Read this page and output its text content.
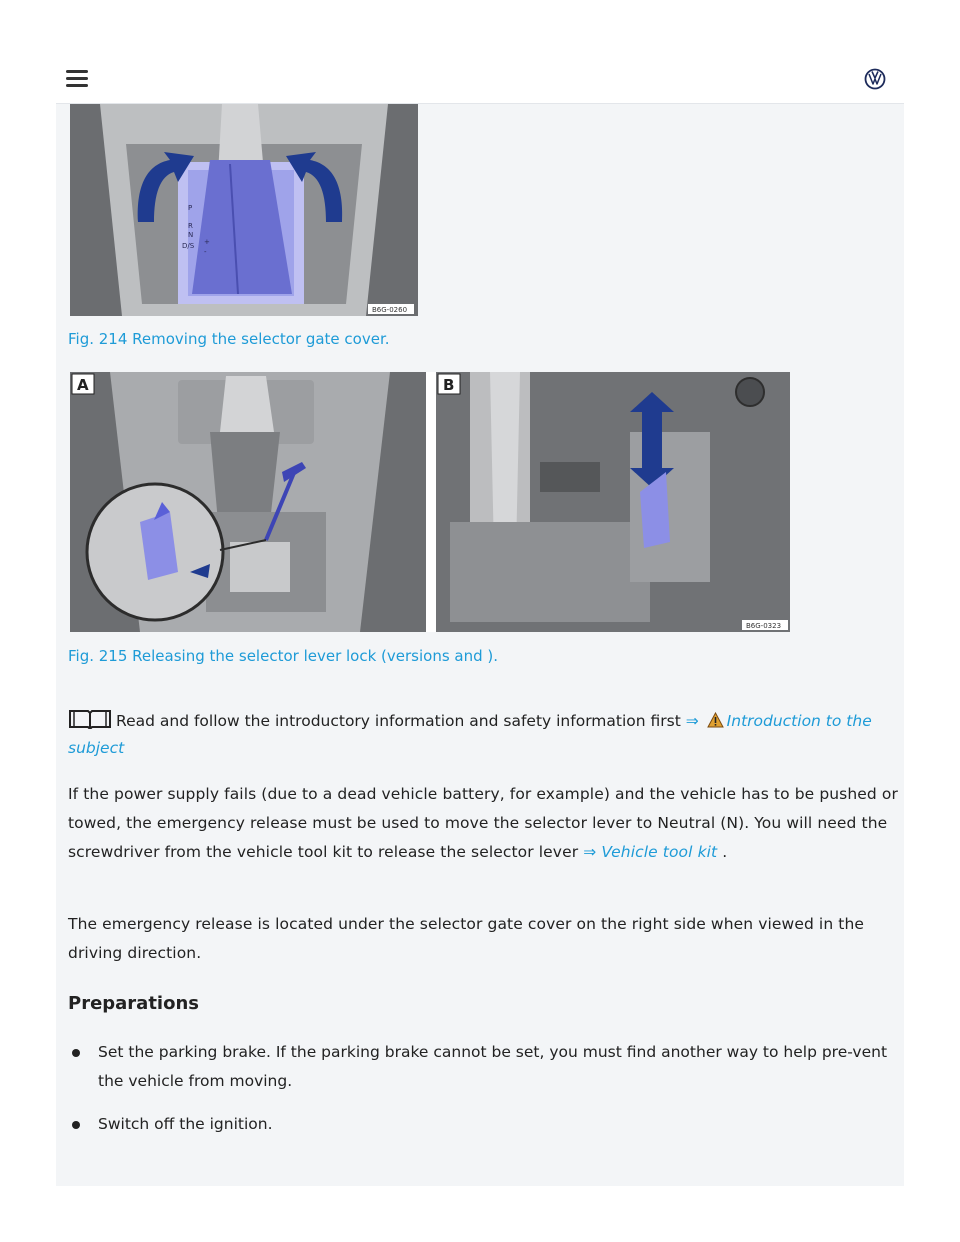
P
R
N
D/S +
-
B6G-0260
Fig. 214 Removing the selector gate cover.
A	B
B6G-0323
Fig. 215 Releasing the selector lever lock (versions and ).
Read and follow the introductory information and safety information first ⇒ Introduction to the subject

If the power supply fails (due to a dead vehicle battery, for example) and the vehicle has to be pushed or towed, the emergency release must be used to move the selector lever to Neutral (N). You will need the screwdriver from the vehicle tool kit to release the selector lever ⇒ Vehicle tool kit .

The emergency release is located under the selector gate cover on the right side when viewed in the driving direction.

Preparations
Set the parking brake. If the parking brake cannot be set, you must find another way to help pre-vent the vehicle from moving.
Switch off the ignition.
